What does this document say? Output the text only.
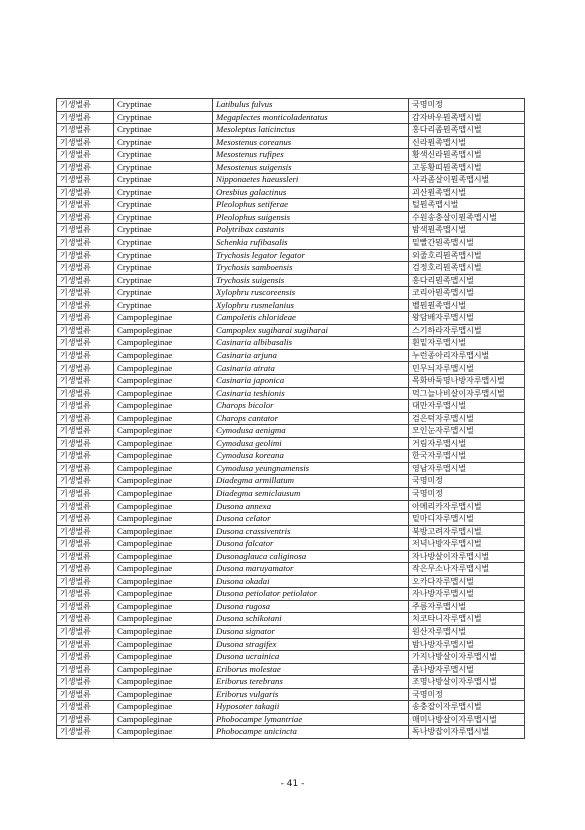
기생벌류	Cryptinae	Latibulus fulvus	국명미정
기생벌류	Cryptinae	Megaplectes monticoladentatus	감자바우뭔족맵시벌
기생벌류	Cryptinae	Mesoleptus laticinctus	홍다리좀뭔족맵시벌
기생벌류	Cryptinae	Mesostenus coreanus	신라뭔족맵시벌
기생벌류	Cryptinae	Mesostenus rufipes	황색신라뭔족맵시벌
기생벌류	Cryptinae	Mesostenus suigensis	고동황띠뭔족맵시벌
기생벌류	Cryptinae	Nipponaetes haeussleri	사과좀살이뭔족맵시벌
기생벌류	Cryptinae	Oresbius galactinus	괴산뭔족맵시벌
기생벌류	Cryptinae	Pleolophus setiferae	털뭔족맵시벌
기생벌류	Cryptinae	Pleolophus suigensis	수원송충살이뭔족맵시벌
기생벌류	Cryptinae	Polytribax castanis	밤색뭔족맵시벌
기생벌류	Cryptinae	Schenkia rufibasalis	밑빨간뭔족맵시벌
기생벌류	Cryptinae	Trychosis legator legator	외줄호리뭔족맵시벌
기생벌류	Cryptinae	Trychosis samboensis	검정호리뭔족맵시벌
기생벌류	Cryptinae	Trychosis suigensis	홍다리뭔족맵시벌
기생벌류	Cryptinae	Xylophru ruscoreensis	코리아뭔족맵시벌
기생벌류	Cryptinae	Xylophru rusmelanius	벨뭔뭔족맵시벌
기생벌류	Campopleginae	Campoletis chlorideae	왕담배자루맵시벌
기생벌류	Campopleginae	Campoplex sugiharai sugiharai	스기하라자루맵시벌
기생벌류	Campopleginae	Casinaria albibasalis	흰밑자루맵시벌
기생벌류	Campopleginae	Casinaria arjuna	누런종아리자루맵시벌
기생벌류	Campopleginae	Casinaria atrata	민무늬자루맵시벌
기생벌류	Campopleginae	Casinaria japonica	목화바둑명나방자루맵시벌
기생벌류	Campopleginae	Casinaria teshionis	먹그늘나비살이자루맵시벌
기생벌류	Campopleginae	Charops bicolor	대만자루맵시벌
기생벌류	Campopleginae	Charops cantator	검은턱자루맵시벌
기생벌류	Campopleginae	Cymodusa aenigma	모인눈자루맵시벌
기생벌류	Campopleginae	Cymodusa geolimi	거림자루맵시벌
기생벌류	Campopleginae	Cymodusa koreana	한국자루맵시벌
기생벌류	Campopleginae	Cymodusa yeungnamensis	영남자루맵시벌
기생벌류	Campopleginae	Diadegma armillatum	국명미정
기생벌류	Campopleginae	Diadegma semiclausum	국명미정
기생벌류	Campopleginae	Dusona annexa	아메리카자루맵시벌
기생벌류	Campopleginae	Dusona celator	밑마디자루맵시벌
기생벌류	Campopleginae	Dusona crassiventris	북방고려자루맵시벌
기생벌류	Campopleginae	Dusona falcator	저녁나방자루맵시벌
기생벌류	Campopleginae	Dusonaglauca caliginosa	자나방살이자루맵시벌
기생벌류	Campopleginae	Dusona maruyamator	작은무소나자루맵시벌
기생벌류	Campopleginae	Dusona okadai	오카다자루맵시벌
기생벌류	Campopleginae	Dusona petiolator petiolator	자나방자루맵시벌
기생벌류	Campopleginae	Dusona rugosa	주름자루맵시벌
기생벌류	Campopleginae	Dusona schikotani	치코타니자루맵시벌
기생벌류	Campopleginae	Dusona signator	원산자루맵시벌
기생벌류	Campopleginae	Dusona stragifex	밤나방자루맵시벌
기생벌류	Campopleginae	Dusona ucrainica	가지나방살이자루맵시벌
기생벌류	Campopleginae	Eriborus molestae	좀나방자루맵시벌
기생벌류	Campopleginae	Eriborus terebrans	조명나방살이자루맵시벌
기생벌류	Campopleginae	Eriborus vulgaris	국명미정
기생벌류	Campopleginae	Hyposoter takagii	송충잡이자루맵시벌
기생벌류	Campopleginae	Phobocampe lymantriae	매미나방살이자루맵시벌
기생벌류	Campopleginae	Phobocampe unicincta	독나방잡이자루맵시벌
- 41 -
